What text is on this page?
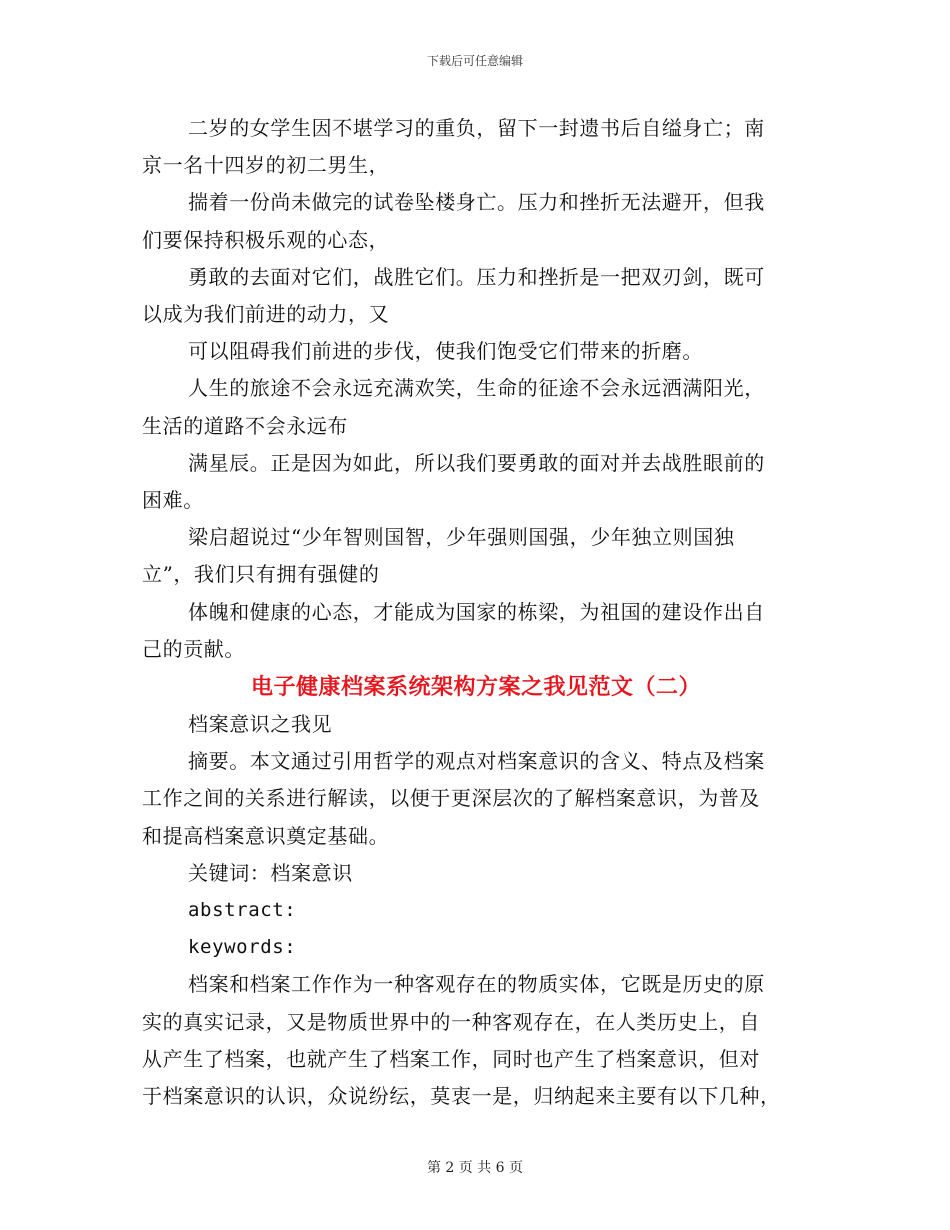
下载后可任意编辑
二岁的女学生因不堪学习的重负，留下一封遗书后自缢身亡；南
京一名十四岁的初二男生，
揣着一份尚未做完的试卷坠楼身亡。压力和挫折无法避开，但我
们要保持积极乐观的心态，
勇敢的去面对它们，战胜它们。压力和挫折是一把双刃剑，既可
以成为我们前进的动力，又
可以阻碍我们前进的步伐，使我们饱受它们带来的折磨。
人生的旅途不会永远充满欢笑，生命的征途不会永远洒满阳光，
生活的道路不会永远布
满星辰。正是因为如此，所以我们要勇敢的面对并去战胜眼前的
困难。
梁启超说过“少年智则国智，少年强则国强，少年独立则国独
立”，我们只有拥有强健的
体魄和健康的心态，才能成为国家的栋梁，为祖国的建设作出自
己的贡献。
电子健康档案系统架构方案之我见范文（二）
档案意识之我见
摘要。本文通过引用哲学的观点对档案意识的含义、特点及档案
工作之间的关系进行解读，以便于更深层次的了解档案意识，为普及
和提高档案意识奠定基础。
关键词：档案意识
abstract:
keywords:
档案和档案工作作为一种客观存在的物质实体，它既是历史的原
实的真实记录，又是物质世界中的一种客观存在，在人类历史上，自
从产生了档案，也就产生了档案工作，同时也产生了档案意识，但对
于档案意识的认识，众说纷纭，莫衷一是，归纳起来主要有以下几种，
第 2 页 共 6 页
